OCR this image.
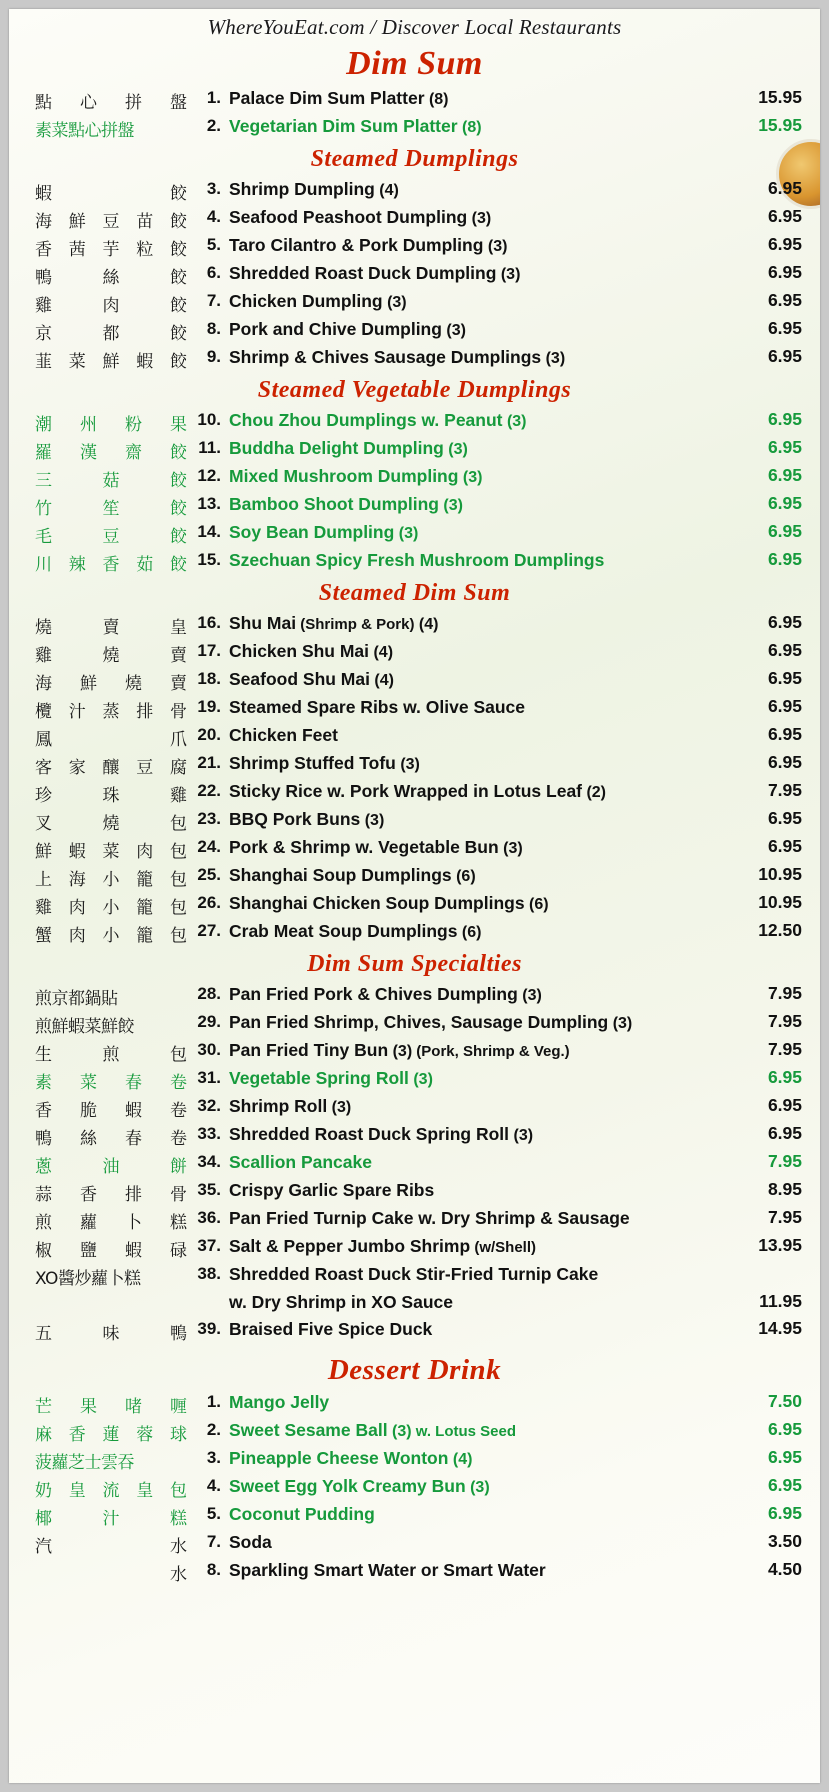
WhereYouEat.com / Discover Local Restaurants
Dim Sum
點 心 拼 盤	1. Palace Dim Sum Platter (8)	15.95
素菜點心拼盤	2. Vegetarian Dim Sum Platter (8)	15.95
Steamed Dumplings
蝦	餃	3. Shrimp Dumpling (4)	6.95
海 鮮 豆 苗 餃	4. Seafood Peashoot Dumpling (3)	6.95
香 茜 芋 粒 餃	5. Taro Cilantro & Pork Dumpling (3)	6.95
鴨	絲	餃	6. Shredded Roast Duck Dumpling (3)	6.95
雞	肉	餃	7. Chicken Dumpling (3)	6.95
京	都	餃	8. Pork and Chive Dumpling (3)	6.95
韮 菜 鮮 蝦 餃	9. Shrimp & Chives Sausage Dumplings (3)	6.95
Steamed Vegetable Dumplings
潮 州 粉 果 10. Chou Zhou Dumplings w. Peanut (3)	6.95
羅 漢 齋 餃 11. Buddha Delight Dumpling (3)	6.95
三	菇	餃 12. Mixed Mushroom Dumpling (3)	6.95
竹	笙	餃 13. Bamboo Shoot Dumpling (3)	6.95
毛	豆	餃 14. Soy Bean Dumpling (3)	6.95
川 辣 香 茹 餃 15. Szechuan Spicy Fresh Mushroom Dumplings	6.95
Steamed Dim Sum
燒	賣	皇 16. Shu Mai (Shrimp & Pork) (4)	6.95
雞	燒	賣 17. Chicken Shu Mai (4)	6.95
海 鮮 燒 賣 18. Seafood Shu Mai (4)	6.95
欖 汁 蒸 排 骨 19. Steamed Spare Ribs w. Olive Sauce	6.95
鳳	爪 20. Chicken Feet	6.95
客 家 釀 豆 腐 21. Shrimp Stuffed Tofu (3)	6.95
珍	珠	雞 22. Sticky Rice w. Pork Wrapped in Lotus Leaf (2)	7.95
叉	燒	包 23. BBQ Pork Buns (3)	6.95
鮮 蝦 菜 肉 包 24. Pork & Shrimp w. Vegetable Bun (3)	6.95
上 海 小 籠 包 25. Shanghai Soup Dumplings (6)	10.95
雞 肉 小 籠 包 26. Shanghai Chicken Soup Dumplings (6)	10.95
蟹 肉 小 籠 包 27. Crab Meat Soup Dumplings (6)	12.50
Dim Sum Specialties
煎京都鍋貼	28. Pan Fried Pork & Chives Dumpling (3)	7.95
煎鮮蝦菜鮮餃	29. Pan Fried Shrimp, Chives, Sausage Dumpling (3)	7.95
生	煎	包 30. Pan Fried Tiny Bun (3) (Pork, Shrimp & Veg.)	7.95
素 菜 春 卷 31. Vegetable Spring Roll (3)	6.95
香 脆 蝦 卷 32. Shrimp Roll (3)	6.95
鴨 絲 春 卷 33. Shredded Roast Duck Spring Roll (3)	6.95
蔥	油	餅 34. Scallion Pancake	7.95
蒜 香 排 骨 35. Crispy Garlic Spare Ribs	8.95
煎 蘿 卜 糕 36. Pan Fried Turnip Cake w. Dry Shrimp & Sausage	7.95
椒 鹽 蝦 碌 37. Salt & Pepper Jumbo Shrimp (w/Shell)	13.95
XO醬炒蘿卜糕	38. Shredded Roast Duck Stir-Fried Turnip Cake
w. Dry Shrimp in XO Sauce	11.95
五	味	鴨 39. Braised Five Spice Duck	14.95
Dessert Drink
芒 果 啫 喱	1. Mango Jelly	7.50
麻 香 蓮 蓉 球	2. Sweet Sesame Ball (3) w. Lotus Seed	6.95
菠蘿芝士雲吞	3. Pineapple Cheese Wonton (4)	6.95
奶 皇 流 皇 包	4. Sweet Egg Yolk Creamy Bun (3)	6.95
椰	汁	糕	5. Coconut Pudding	6.95
汽	水	7. Soda	3.50
水	8. Sparkling Smart Water or Smart Water	4.50
